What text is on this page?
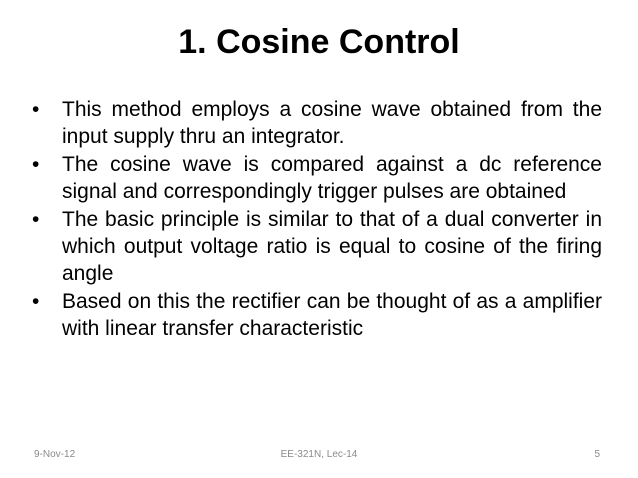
1. Cosine Control
•	This method employs a cosine wave obtained from the input supply thru an integrator.
•	The cosine wave is compared against a dc reference signal and correspondingly trigger pulses are obtained
•	The basic principle is similar to that of a dual converter in which output voltage ratio is equal to cosine of the firing angle
•	Based on this the rectifier can be thought of as a amplifier with linear transfer characteristic
9-Nov-12	EE-321N, Lec-14	5
